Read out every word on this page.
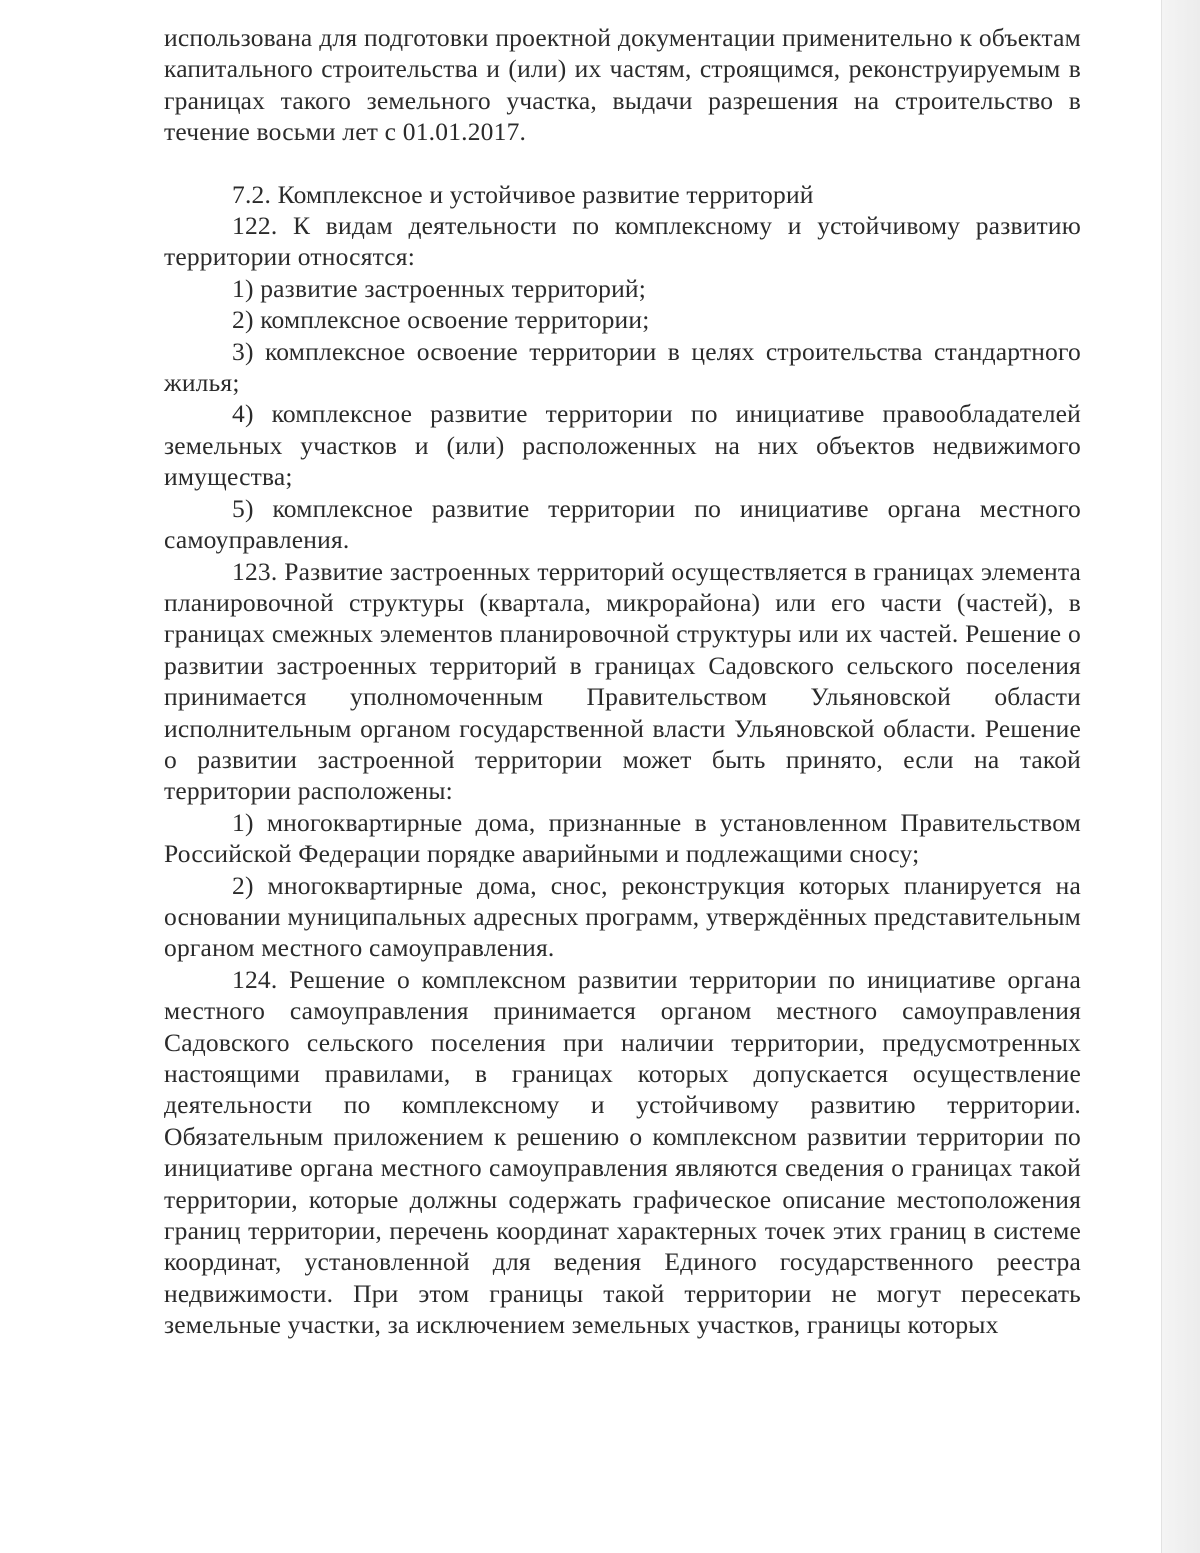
использована для подготовки проектной документации применительно к объектам капитального строительства и (или) их частям, строящимся, реконструируемым в границах такого земельного участка, выдачи разрешения на строительство в течение восьми лет с 01.01.2017.

7.2. Комплексное и устойчивое развитие территорий

122. К видам деятельности по комплексному и устойчивому развитию территории относятся:

1) развитие застроенных территорий;

2) комплексное освоение территории;

3) комплексное освоение территории в целях строительства стандартного жилья;

4) комплексное развитие территории по инициативе правообладателей земельных участков и (или) расположенных на них объектов недвижимого имущества;

5) комплексное развитие территории по инициативе органа местного самоуправления.

123. Развитие застроенных территорий осуществляется в границах элемента планировочной структуры (квартала, микрорайона) или его части (частей), в границах смежных элементов планировочной структуры или их частей. Решение о развитии застроенных территорий в границах Садовского сельского поселения принимается уполномоченным Правительством Ульяновской области исполнительным органом государственной власти Ульяновской области. Решение о развитии застроенной территории может быть принято, если на такой территории расположены:

1) многоквартирные дома, признанные в установленном Правительством Российской Федерации порядке аварийными и подлежащими сносу;

2) многоквартирные дома, снос, реконструкция которых планируется на основании муниципальных адресных программ, утверждённых представительным органом местного самоуправления.

124. Решение о комплексном развитии территории по инициативе органа местного самоуправления принимается органом местного самоуправления Садовского сельского поселения при наличии территории, предусмотренных настоящими правилами, в границах которых допускается осуществление деятельности по комплексному и устойчивому развитию территории. Обязательным приложением к решению о комплексном развитии территории по инициативе органа местного самоуправления являются сведения о границах такой территории, которые должны содержать графическое описание местоположения границ территории, перечень координат характерных точек этих границ в системе координат, установленной для ведения Единого государственного реестра недвижимости. При этом границы такой территории не могут пересекать земельные участки, за исключением земельных участков, границы которых
